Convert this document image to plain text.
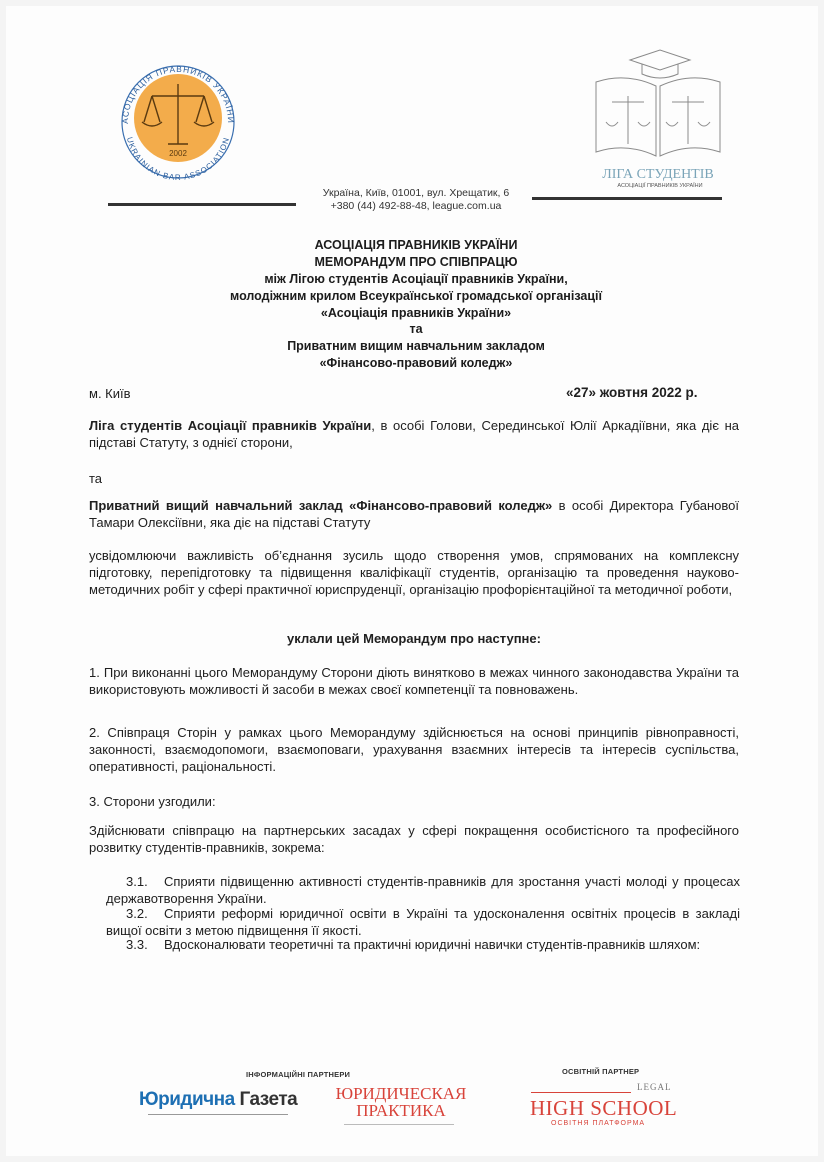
АСОЦІАЦІЯ ПРАВНИКІВ УКРАЇНИ
UKRAINIAN BAR ASSOCIATION
2002
ЛІГА СТУДЕНТІВ
АСОЦІАЦІЇ ПРАВНИКІВ УКРАЇНИ
Україна, Київ, 01001, вул. Хрещатик, 6
+380 (44) 492-88-48, league.com.ua
АСОЦІАЦІЯ ПРАВНИКІВ УКРАЇНИ
МЕМОРАНДУМ ПРО СПІВПРАЦЮ
між Лігою студентів Асоціації правників України,
молодіжним крилом Всеукраїнської громадської організації
«Асоціація правників України»
та
Приватним вищим навчальним закладом
«Фінансово-правовий коледж»
м. Київ	«27» жовтня 2022 р.
Ліга студентів Асоціації правників України, в особі Голови, Серединської Юлії Аркадіївни, яка діє на підставі Статуту, з однієї сторони,
та
Приватний вищий навчальний заклад «Фінансово-правовий коледж» в особі Директора Губанової Тамари Олексіївни, яка діє на підставі Статуту
усвідомлюючи важливість об’єднання зусиль щодо створення умов, спрямованих на комплексну підготовку, перепідготовку та підвищення кваліфікації студентів, організацію та проведення науково-методичних робіт у сфері практичної юриспруденції, організацію профорієнтаційної та методичної роботи,
уклали цей Меморандум про наступне:
1. При виконанні цього Меморандуму Сторони діють винятково в межах чинного законодавства України та використовують можливості й засоби в межах своєї компетенції та повноважень.
2. Співпраця Сторін у рамках цього Меморандуму здійснюється на основі принципів рівноправності, законності, взаємодопомоги, взаємоповаги, урахування взаємних інтересів та інтересів суспільства, оперативності, раціональності.
3. Сторони узгодили:
Здійснювати співпрацю на партнерських засадах у сфері покращення особистісного та професійного розвитку студентів-правників, зокрема:
3.1. Сприяти підвищенню активності студентів-правників для зростання участі молоді у процесах державотворення України.
3.2. Сприяти реформі юридичної освіти в Україні та удосконалення освітніх процесів в закладі вищої освіти з метою підвищення її якості.
3.3. Вдосконалювати теоретичні та практичні юридичні навички студентів-правників шляхом:
ІНФОРМАЦІЙНІ ПАРТНЕРИ	ОСВІТНІЙ ПАРТНЕР
Юридична Газета	ЮРИДИЧЕСКАЯ
ПРАКТИКА
LEGAL
HIGH SCHOOL
ОСВІТНЯ ПЛАТФОРМА
